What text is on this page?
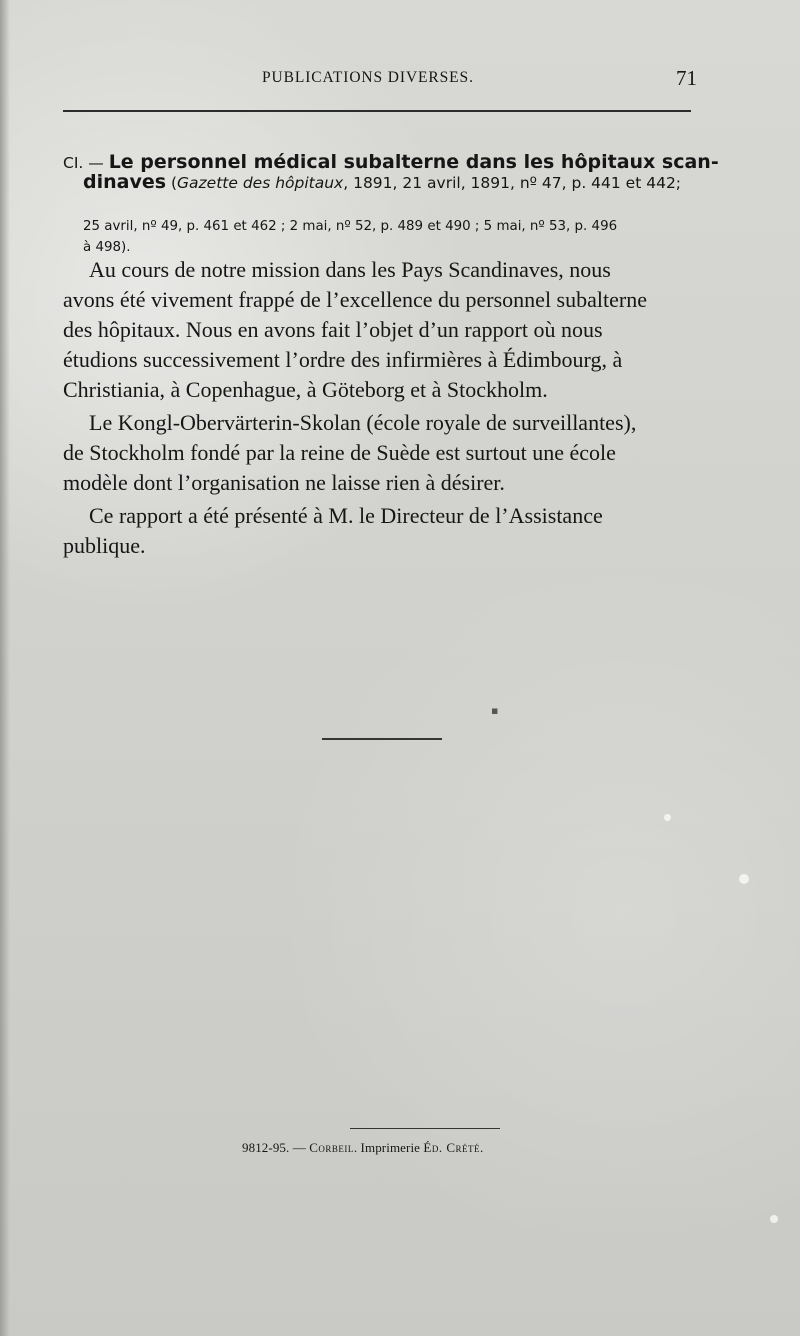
PUBLICATIONS DIVERSES.	71
CI. — Le personnel médical subalterne dans les hôpitaux scan-
dinaves (Gazette des hôpitaux, 1891, 21 avril, 1891, nº 47, p. 441 et 442;
25 avril, nº 49, p. 461 et 462 ; 2 mai, nº 52, p. 489 et 490 ; 5 mai, nº 53, p. 496
à 498).
Au cours de notre mission dans les Pays Scandinaves, nous
avons été vivement frappé de l’excellence du personnel subalterne
des hôpitaux. Nous en avons fait l’objet d’un rapport où nous
étudions successivement l’ordre des infirmières à Édimbourg, à
Christiania, à Copenhague, à Göteborg et à Stockholm.
Le Kongl-Obervärterin-Skolan (école royale de surveillantes),
de Stockholm fondé par la reine de Suède est surtout une école
modèle dont l’organisation ne laisse rien à désirer.
Ce rapport a été présenté à M. le Directeur de l’Assistance
publique.
▪
9812-95. — Corbeil. Imprimerie Éd. Crété.
